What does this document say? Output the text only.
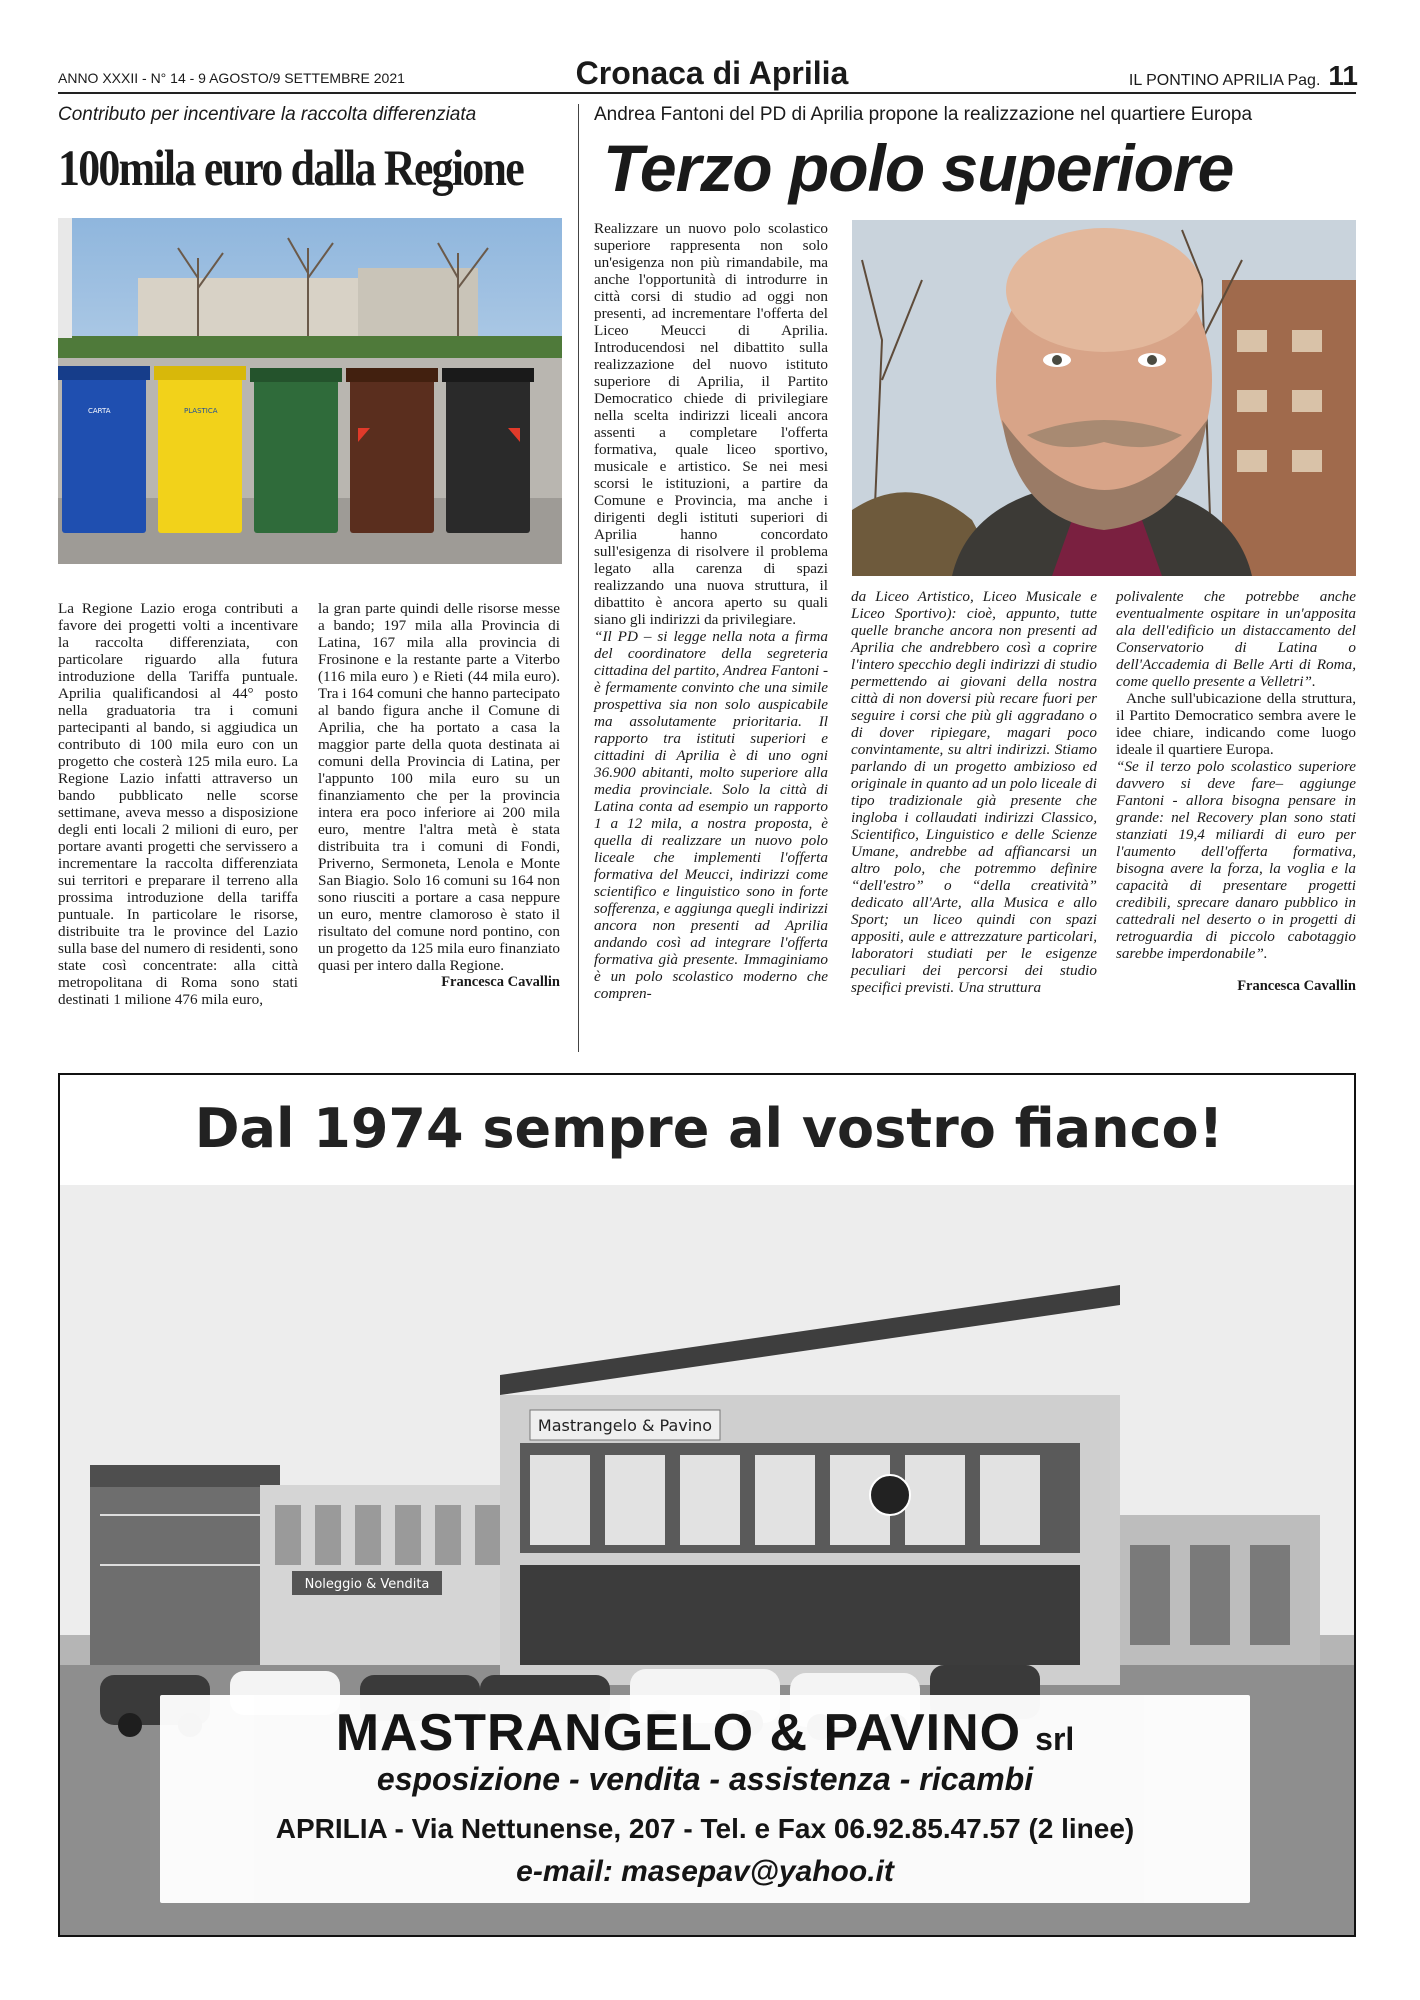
ANNO XXXII - N° 14 - 9 AGOSTO/9 SETTEMBRE 2021	Cronaca di Aprilia	IL PONTINO APRILIA Pag. 11
Contributo per incentivare la raccolta differenziata
100mila euro dalla Regione
CARTA	PLASTICA

La Regione Lazio eroga contributi a favore dei progetti volti a incentivare la raccolta differenziata, con particolare riguardo alla futura introduzione della Tariffa puntuale. Aprilia qualificandosi al 44° posto nella graduatoria tra i comuni partecipanti al bando, si aggiudica un contributo di 100 mila euro con un progetto che costerà 125 mila euro. La Regione Lazio infatti attraverso un bando pubblicato nelle scorse settimane, aveva messo a disposizione degli enti locali 2 milioni di euro, per portare avanti progetti che servissero a incrementare la raccolta differenziata sui territori e preparare il terreno alla prossima introduzione della tariffa puntuale. In particolare le risorse, distribuite tra le province del Lazio sulla base del numero di residenti, sono state così concentrate: alla città metropolitana di Roma sono stati destinati 1 milione 476 mila euro,

la gran parte quindi delle risorse messe a bando; 197 mila alla Provincia di Latina, 167 mila alla provincia di Frosinone e la restante parte a Viterbo (116 mila euro ) e Rieti (44 mila euro). Tra i 164 comuni che hanno partecipato al bando figura anche il Comune di Aprilia, che ha portato a casa la maggior parte della quota destinata ai comuni della Provincia di Latina, per l'appunto 100 mila euro su un finanziamento che per la provincia intera era poco inferiore ai 200 mila euro, mentre l'altra metà è stata distribuita tra i comuni di Fondi, Priverno, Sermoneta, Lenola e Monte San Biagio. Solo 16 comuni su 164 non sono riusciti a portare a casa neppure un euro, mentre clamoroso è stato il risultato del comune nord pontino, con un progetto da 125 mila euro finanziato quasi per intero dalla Regione.

Francesca Cavallin
Andrea Fantoni del PD di Aprilia propone la realizzazione nel quartiere Europa
Terzo polo superiore

Realizzare un nuovo polo scolastico superiore rappresenta non solo un'esigenza non più rimandabile, ma anche l'opportunità di introdurre in città corsi di studio ad oggi non presenti, ad incrementare l'offerta del Liceo Meucci di Aprilia. Introducendosi nel dibattito sulla realizzazione del nuovo istituto superiore di Aprilia, il Partito Democratico chiede di privilegiare nella scelta indirizzi liceali ancora assenti a completare l'offerta formativa, quale liceo sportivo, musicale e artistico. Se nei mesi scorsi le istituzioni, a partire da Comune e Provincia, ma anche i dirigenti degli istituti superiori di Aprilia hanno concordato sull'esigenza di risolvere il problema legato alla carenza di spazi realizzando una nuova struttura, il dibattito è ancora aperto su quali siano gli indirizzi da privilegiare.

“Il PD – si legge nella nota a firma del coordinatore della segreteria cittadina del partito, Andrea Fantoni - è fermamente convinto che una simile prospettiva sia non solo auspicabile ma assolutamente prioritaria. Il rapporto tra istituti superiori e cittadini di Aprilia è di uno ogni 36.900 abitanti, molto superiore alla media provinciale. Solo la città di Latina conta ad esempio un rapporto 1 a 12 mila, a nostra proposta, è quella di realizzare un nuovo polo liceale che implementi l'offerta formativa del Meucci, indirizzi come scientifico e linguistico sono in forte sofferenza, e aggiunga quegli indirizzi ancora non presenti ad Aprilia andando così ad integrare l'offerta formativa già presente. Immaginiamo è un polo scolastico moderno che compren-

da Liceo Artistico, Liceo Musicale e Liceo Sportivo): cioè, appunto, tutte quelle branche ancora non presenti ad Aprilia che andrebbero così a coprire l'intero specchio degli indirizzi di studio permettendo ai giovani della nostra città di non doversi più recare fuori per seguire i corsi che più gli aggradano o di dover ripiegare, magari poco convintamente, su altri indirizzi. Stiamo parlando di un progetto ambizioso ed originale in quanto ad un polo liceale di tipo tradizionale già presente che ingloba i collaudati indirizzi Classico, Scientifico, Linguistico e delle Scienze Umane, andrebbe ad affiancarsi un altro polo, che potremmo definire “dell'estro” o “della creatività” dedicato all'Arte, alla Musica e allo Sport; un liceo quindi con spazi appositi, aule e attrezzature particolari, laboratori studiati per le esigenze peculiari dei percorsi dei studio specifici previsti. Una struttura

polivalente che potrebbe anche eventualmente ospitare in un'apposita ala dell'edificio un distaccamento del Conservatorio di Latina o dell'Accademia di Belle Arti di Roma, come quello presente a Velletri”.

Anche sull'ubicazione della struttura, il Partito Democratico sembra avere le idee chiare, indicando come luogo ideale il quartiere Europa.

“Se il terzo polo scolastico superiore davvero si deve fare– aggiunge Fantoni - allora bisogna pensare in grande: nel Recovery plan sono stati stanziati 19,4 miliardi di euro per l'aumento dell'offerta formativa, bisogna avere la forza, la voglia e la capacità di presentare progetti credibili, sprecare danaro pubblico in cattedrali nel deserto o in progetti di retroguardia di piccolo cabotaggio sarebbe imperdonabile”.

Francesca Cavallin
Dal 1974 sempre al vostro fianco!
Noleggio & Vendita
Mastrangelo & Pavino
MASTRANGELO & PAVINO srl
esposizione - vendita - assistenza - ricambi
APRILIA - Via Nettunense, 207 - Tel. e Fax 06.92.85.47.57 (2 linee)
e-mail: masepav@yahoo.it
